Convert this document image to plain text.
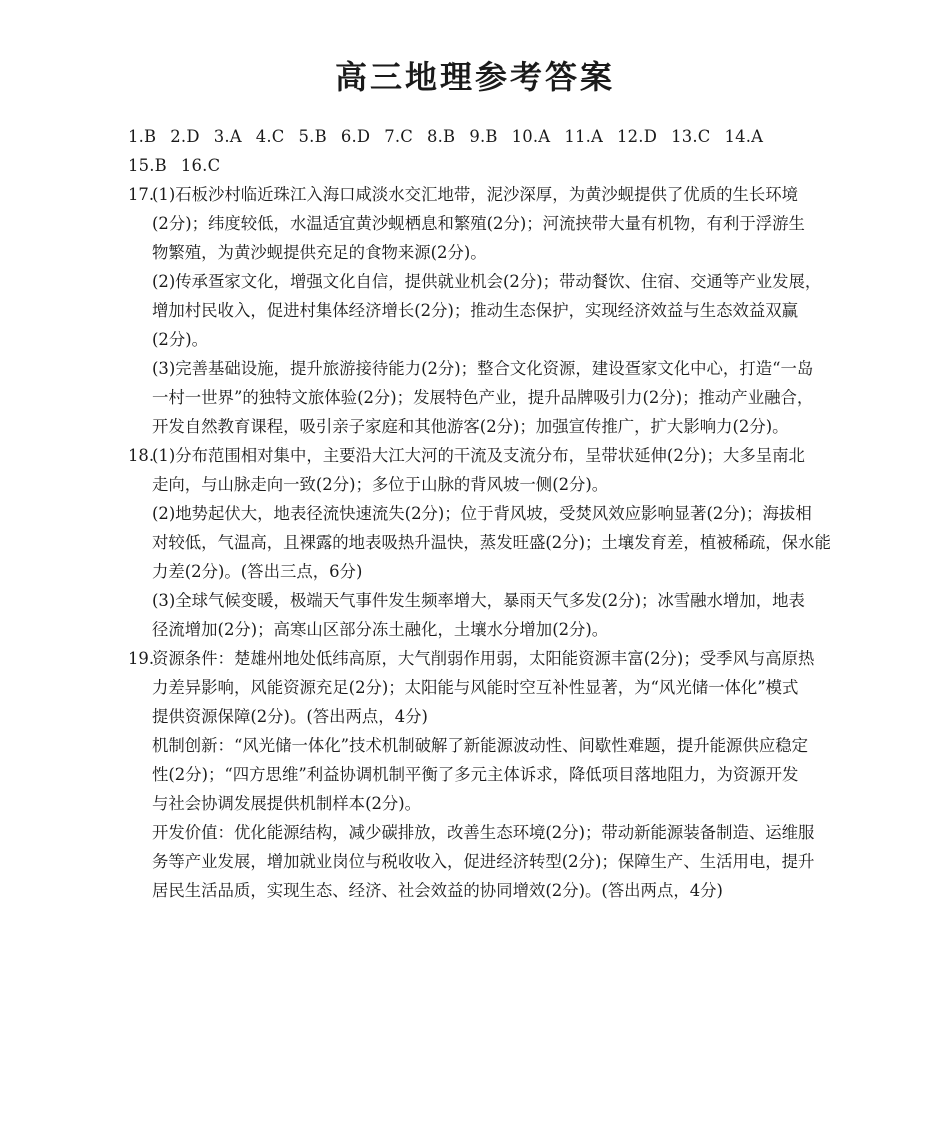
高三地理参考答案

1.B 2.D 3.A 4.C 5.B 6.D 7.C 8.B 9.B 10.A 11.A 12.D 13.C 14.A

15.B 16.C

17.
(1)石板沙村临近珠江入海口咸淡水交汇地带，泥沙深厚，为黄沙蚬提供了优质的生长环境

(2分)；纬度较低，水温适宜黄沙蚬栖息和繁殖(2分)；河流挟带大量有机物，有利于浮游生

物繁殖，为黄沙蚬提供充足的食物来源(2分)。

(2)传承疍家文化，增强文化自信，提供就业机会(2分)；带动餐饮、住宿、交通等产业发展，

增加村民收入，促进村集体经济增长(2分)；推动生态保护，实现经济效益与生态效益双赢

(2分)。

(3)完善基础设施，提升旅游接待能力(2分)；整合文化资源，建设疍家文化中心，打造“一岛

一村一世界”的独特文旅体验(2分)；发展特色产业，提升品牌吸引力(2分)；推动产业融合，

开发自然教育课程，吸引亲子家庭和其他游客(2分)；加强宣传推广，扩大影响力(2分)。

18.
(1)分布范围相对集中，主要沿大江大河的干流及支流分布，呈带状延伸(2分)；大多呈南北

走向，与山脉走向一致(2分)；多位于山脉的背风坡一侧(2分)。

(2)地势起伏大，地表径流快速流失(2分)；位于背风坡，受焚风效应影响显著(2分)；海拔相

对较低，气温高，且裸露的地表吸热升温快，蒸发旺盛(2分)；土壤发育差，植被稀疏，保水能

力差(2分)。(答出三点，6分)

(3)全球气候变暖，极端天气事件发生频率增大，暴雨天气多发(2分)；冰雪融水增加，地表

径流增加(2分)；高寒山区部分冻土融化，土壤水分增加(2分)。

19.
资源条件：楚雄州地处低纬高原，大气削弱作用弱，太阳能资源丰富(2分)；受季风与高原热

力差异影响，风能资源充足(2分)；太阳能与风能时空互补性显著，为“风光储一体化”模式

提供资源保障(2分)。(答出两点，4分)

机制创新：“风光储一体化”技术机制破解了新能源波动性、间歇性难题，提升能源供应稳定

性(2分)；“四方思维”利益协调机制平衡了多元主体诉求，降低项目落地阻力，为资源开发

与社会协调发展提供机制样本(2分)。

开发价值：优化能源结构，减少碳排放，改善生态环境(2分)；带动新能源装备制造、运维服

务等产业发展，增加就业岗位与税收收入，促进经济转型(2分)；保障生产、生活用电，提升

居民生活品质，实现生态、经济、社会效益的协同增效(2分)。(答出两点，4分)
